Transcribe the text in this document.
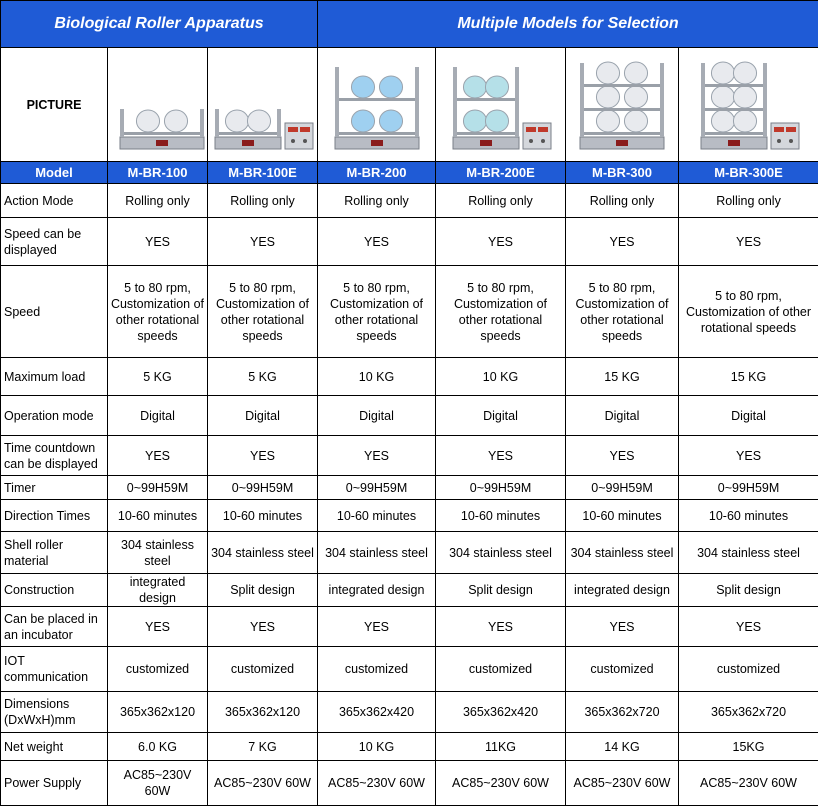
Biological Roller Apparatus			Multiple Models for Selection			
PICTURE	

Model	M-BR-100	M-BR-100E	M-BR-200	M-BR-200E	M-BR-300	M-BR-300E
Action Mode	Rolling only	Rolling only	Rolling only	Rolling only	Rolling only	Rolling only
Speed can be displayed	YES	YES	YES	YES	YES	YES
Speed	5 to 80 rpm, Customization of other rotational speeds	5 to 80 rpm, Customization of other rotational speeds	5 to 80 rpm, Customization of other rotational speeds	5 to 80 rpm, Customization of other rotational speeds	5 to 80 rpm, Customization of other rotational speeds	5 to 80 rpm, Customization of other rotational speeds
Maximum load	5 KG	5 KG	10 KG	10 KG	15 KG	15 KG
Operation mode	Digital	Digital	Digital	Digital	Digital	Digital
Time countdown can be displayed	YES	YES	YES	YES	YES	YES
Timer	0~99H59M	0~99H59M	0~99H59M	0~99H59M	0~99H59M	0~99H59M
Direction Times	10-60 minutes	10-60 minutes	10-60 minutes	10-60 minutes	10-60 minutes	10-60 minutes
Shell roller material	304 stainless steel	304 stainless steel	304 stainless steel	304 stainless steel	304 stainless steel	304 stainless steel
Construction	integrated design	Split design	integrated design	Split design	integrated design	Split design
Can be placed in an incubator	YES	YES	YES	YES	YES	YES
IOT communication	customized	customized	customized	customized	customized	customized
Dimensions (DxWxH)mm	365x362x120	365x362x120	365x362x420	365x362x420	365x362x720	365x362x720
Net weight	6.0 KG	7 KG	10 KG	11KG	14 KG	15KG
Power Supply	AC85~230V 60W	AC85~230V 60W	AC85~230V 60W	AC85~230V 60W	AC85~230V 60W	AC85~230V 60W
